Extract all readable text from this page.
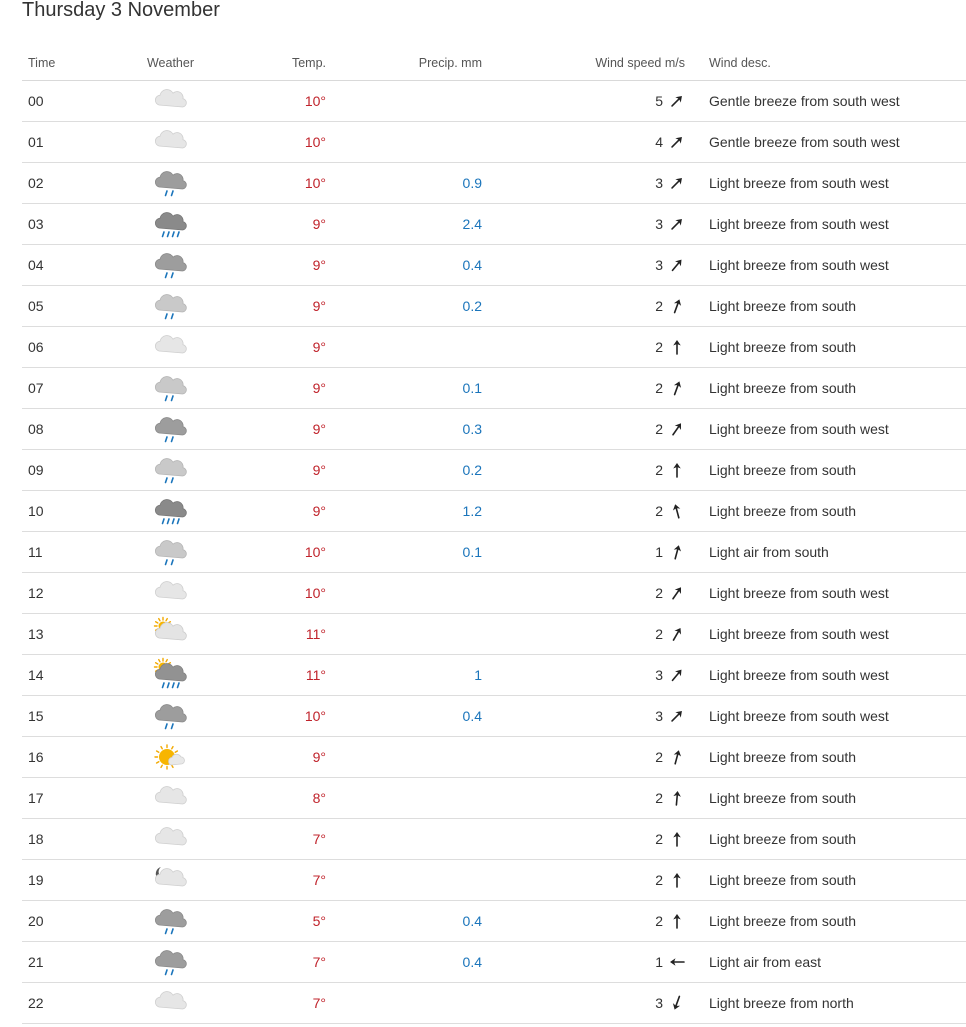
Thursday 3 November
Time	Weather	Temp.	Precip. mm	Wind speed m/s	Wind desc.
00		10°		5	Gentle breeze from south west
01		10°		4	Gentle breeze from south west
02		10°	0.9	3	Light breeze from south west
03		9°	2.4	3	Light breeze from south west
04		9°	0.4	3	Light breeze from south west
05		9°	0.2	2	Light breeze from south
06		9°		2	Light breeze from south
07		9°	0.1	2	Light breeze from south
08		9°	0.3	2	Light breeze from south west
09		9°	0.2	2	Light breeze from south
10		9°	1.2	2	Light breeze from south
11		10°	0.1	1	Light air from south
12		10°		2	Light breeze from south west
13		11°		2	Light breeze from south west
14		11°	1	3	Light breeze from south west
15		10°	0.4	3	Light breeze from south west
16		9°		2	Light breeze from south
17		8°		2	Light breeze from south
18		7°		2	Light breeze from south
19		7°		2	Light breeze from south
20		5°	0.4	2	Light breeze from south
21		7°	0.4	1	Light air from east
22		7°		3	Light breeze from north
